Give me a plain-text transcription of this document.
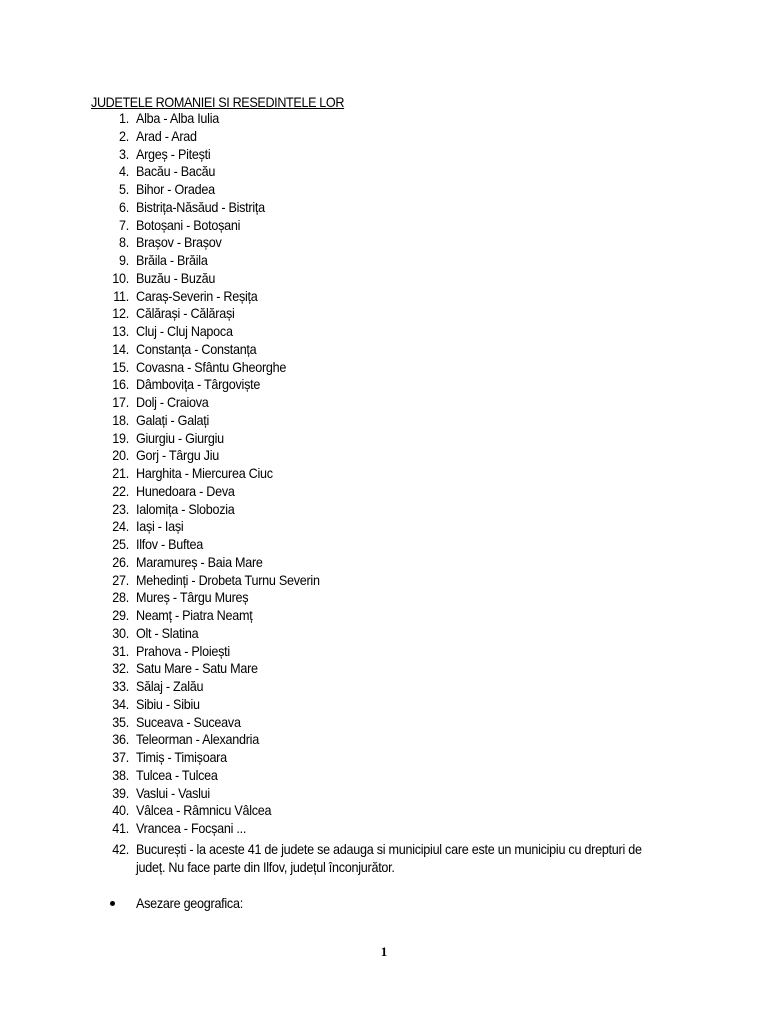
JUDETELE ROMANIEI SI RESEDINTELE LOR
1. Alba - Alba Iulia
2. Arad - Arad
3. Argeș - Pitești
4. Bacău - Bacău
5. Bihor - Oradea
6. Bistrița-Năsăud - Bistrița
7. Botoșani - Botoșani
8. Brașov - Brașov
9. Brăila - Brăila
10. Buzău - Buzău
11. Caraș-Severin - Reșița
12. Călărași - Călărași
13. Cluj - Cluj Napoca
14. Constanța - Constanța
15. Covasna - Sfântu Gheorghe
16. Dâmbovița - Târgoviște
17. Dolj - Craiova
18. Galați - Galați
19. Giurgiu - Giurgiu
20. Gorj - Târgu Jiu
21. Harghita - Miercurea Ciuc
22. Hunedoara - Deva
23. Ialomița - Slobozia
24. Iași - Iași
25. Ilfov - Buftea
26. Maramureș - Baia Mare
27. Mehedinți - Drobeta Turnu Severin
28. Mureș - Târgu Mureș
29. Neamț - Piatra Neamț
30. Olt - Slatina
31. Prahova - Ploiești
32. Satu Mare - Satu Mare
33. Sălaj - Zalău
34. Sibiu - Sibiu
35. Suceava - Suceava
36. Teleorman - Alexandria
37. Timiș - Timișoara
38. Tulcea - Tulcea
39. Vaslui - Vaslui
40. Vâlcea - Râmnicu Vâlcea
41. Vrancea - Focșani ...
42. București - la aceste 41 de judete se adauga si municipiul care este un municipiu cu drepturi de județ. Nu face parte din Ilfov, județul înconjurător.
Asezare geografica:
1
